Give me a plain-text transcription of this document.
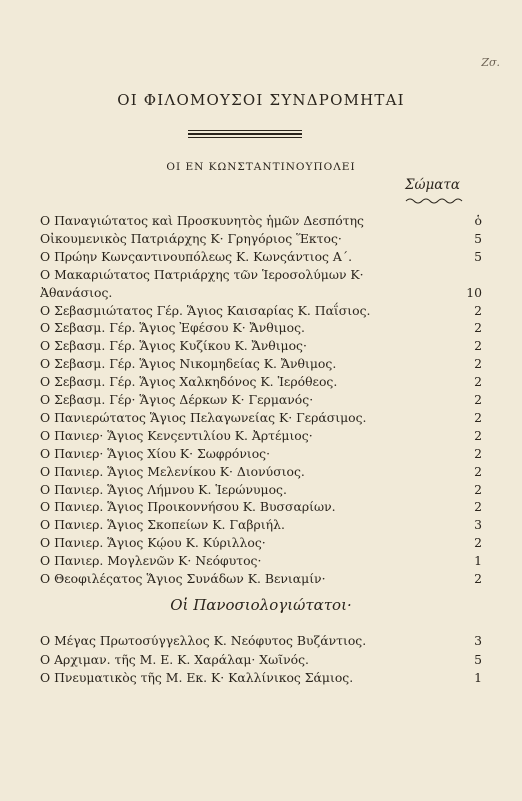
Ζσ.
ΟΙ ΦΙΛΟΜΟΥΣΟΙ ΣΥΝΔΡΟΜΗΤΑΙ
ΟΙ ΕΝ ΚΩΝΣΤΑΝΤΙΝΟΥΠΟΛΕΙ
Σώματα
Ο Παναγιώτατος καὶ Προσκυνητὸς ἡμῶν Δεσπότης	ὁ
Οἰκουμενικὸς Πατριάρχης Κ· Γρηγόριος Ἕκτος·	5
Ο Πρώην Κωνςαντινουπόλεως Κ. Κωνςάντιος Α΄.	5
Ο Μακαριώτατος Πατριάρχης τῶν Ἱεροσολύμων Κ·
Ἀθανάσιος.	10
Ο Σεβασμιώτατος Γέρ. Ἅγιος Καισαρίας Κ. Παΐσιος.	2
Ο Σεβασμ. Γέρ. Ἅγιος Ἐφέσου Κ· Ἄνθιμος.	2
Ο Σεβασμ. Γέρ. Ἅγιος Κυζίκου Κ. Ἄνθιμος·	2
Ο Σεβασμ. Γέρ. Ἅγιος Νικομηδείας Κ. Ἄνθιμος.	2
Ο Σεβασμ. Γέρ. Ἅγιος Χαλκηδόνος Κ. Ἱερόθεος.	2
Ο Σεβασμ. Γέρ· Ἅγιος Δέρκων Κ· Γερμανός·	2
Ο Πανιερώτατος Ἅγιος Πελαγωνείας Κ· Γεράσιμος.	2
Ο Πανιερ· Ἅγιος Κενςεντιλίου Κ. Ἀρτέμιος·	2
Ο Πανιερ· Ἅγιος Χίου Κ· Σωφρόνιος·	2
Ο Πανιερ. Ἅγιος Μελενίκου Κ· Διονύσιος.	2
Ο Πανιερ. Ἅγιος Λήμνου Κ. Ἱερώνυμος.	2
Ο Πανιερ. Ἅγιος Προικοννήσου Κ. Βυσσαρίων.	2
Ο Πανιερ. Ἅγιος Σκοπείων Κ. Γαβριήλ.	3
Ο Πανιερ. Ἅγιος Κῴου Κ. Κύριλλος·	2
Ο Πανιερ. Μογλενῶν Κ· Νεόφυτος·	1
Ο Θεοφιλέςατος Ἅγιος Συνάδων Κ. Βενιαμίν·	2
Οἱ Πανοσιολογιώτατοι·
Ο Μέγας Πρωτοσύγγελλος Κ. Νεόφυτος Βυζάντιος.	3
Ο Αρχιμαν. τῆς Μ. Ε. Κ. Χαράλαμ· Χωῖνός.	5
Ο Πνευματικὸς τῆς Μ. Εκ. Κ· Καλλίνικος Σάμιος.	1
